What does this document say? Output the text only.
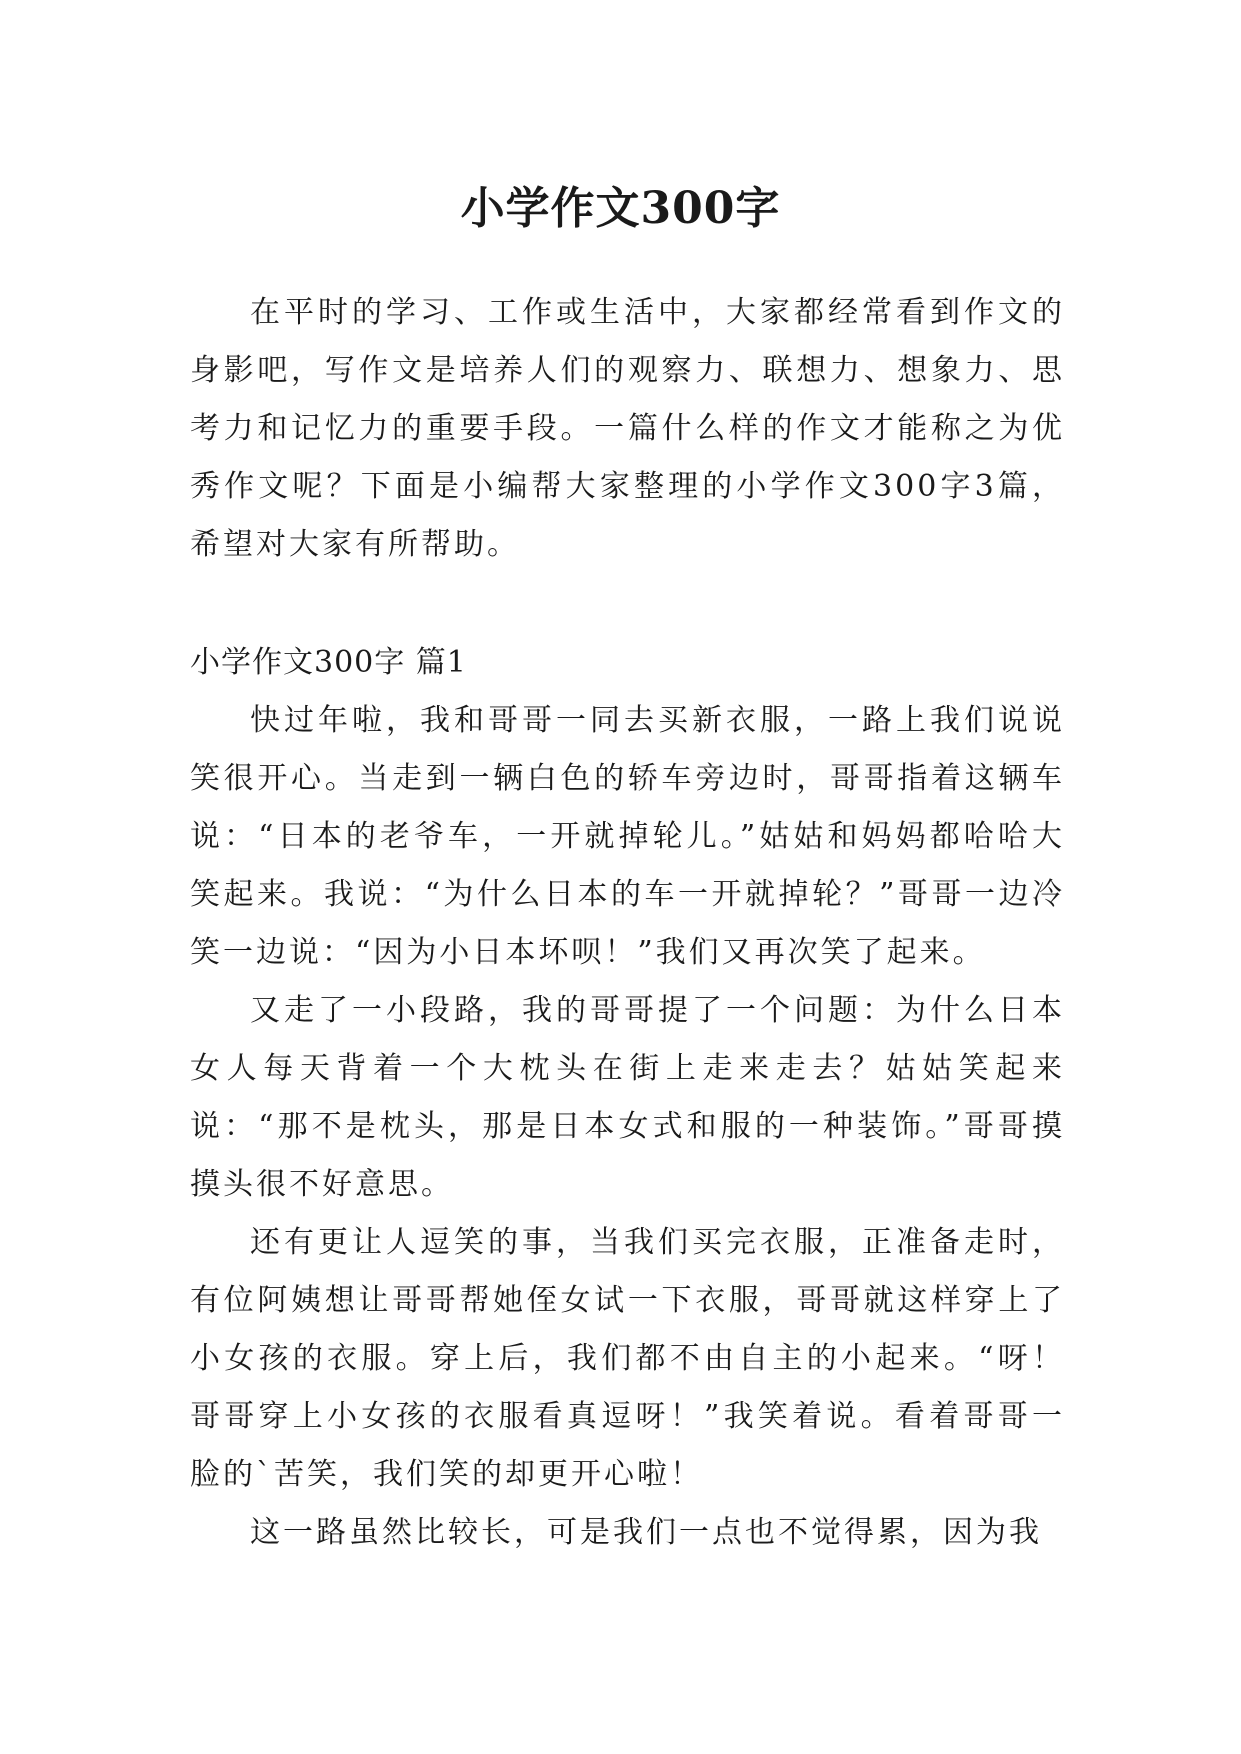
小学作文300字

在平时的学习、工作或生活中，大家都经常看到作文的身影吧，写作文是培养人们的观察力、联想力、想象力、思考力和记忆力的重要手段。一篇什么样的作文才能称之为优秀作文呢？下面是小编帮大家整理的小学作文300字3篇，希望对大家有所帮助。

小学作文300字 篇1

快过年啦，我和哥哥一同去买新衣服，一路上我们说说笑很开心。当走到一辆白色的轿车旁边时，哥哥指着这辆车说：“日本的老爷车，一开就掉轮儿。”姑姑和妈妈都哈哈大笑起来。我说：“为什么日本的车一开就掉轮？”哥哥一边冷笑一边说：“因为小日本坏呗！”我们又再次笑了起来。

又走了一小段路，我的哥哥提了一个问题：为什么日本女人每天背着一个大枕头在街上走来走去？姑姑笑起来说：“那不是枕头，那是日本女式和服的一种装饰。”哥哥摸摸头很不好意思。

还有更让人逗笑的事，当我们买完衣服，正准备走时，有位阿姨想让哥哥帮她侄女试一下衣服，哥哥就这样穿上了小女孩的衣服。穿上后，我们都不由自主的小起来。“呀！哥哥穿上小女孩的衣服看真逗呀！”我笑着说。看着哥哥一脸的`苦笑，我们笑的却更开心啦！

这一路虽然比较长，可是我们一点也不觉得累，因为我
